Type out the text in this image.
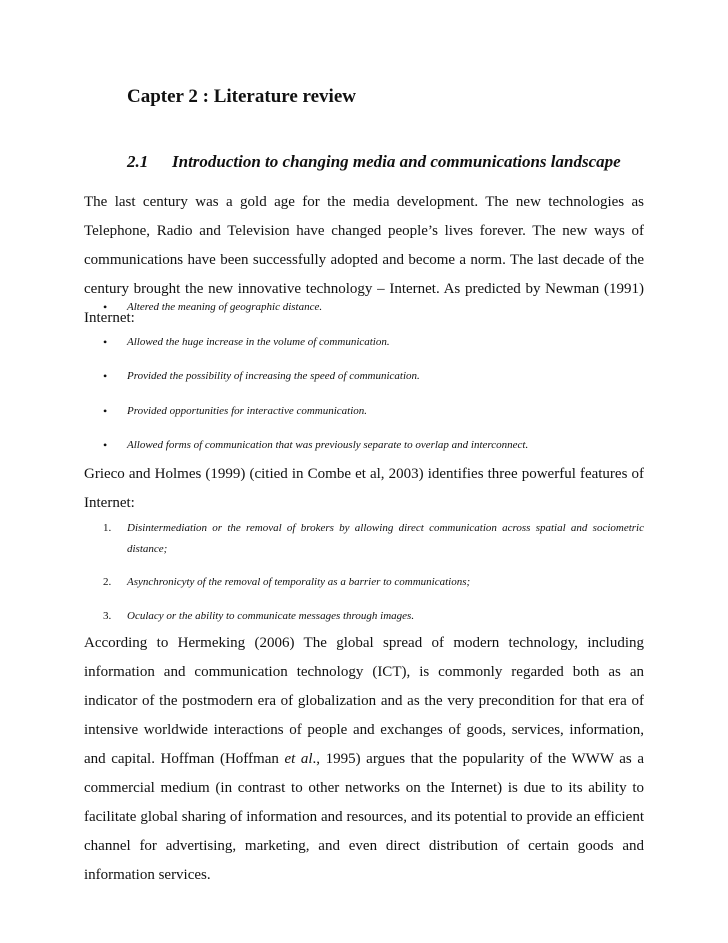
Capter 2 : Literature review
2.1 Introduction to changing media and communications landscape

The last century was a gold age for the media development. The new technologies as Telephone, Radio and Television have changed people’s lives forever. The new ways of communications have been successfully adopted and become a norm. The last decade of the century brought the new innovative technology – Internet. As predicted by Newman (1991) Internet:

• Altered the meaning of geographic distance.
• Allowed the huge increase in the volume of communication.
• Provided the possibility of increasing the speed of communication.
• Provided opportunities for interactive communication.
• Allowed forms of communication that was previously separate to overlap and interconnect.

Grieco and Holmes (1999) (citied in Combe et al, 2003) identifies three powerful features of Internet:

1. Disintermediation or the removal of brokers by allowing direct communication across spatial and sociometric distance;
2. Asynchronicyty of the removal of temporality as a barrier to communications;
3. Oculacy or the ability to communicate messages through images.

According to Hermeking (2006) The global spread of modern technology, including information and communication technology (ICT), is commonly regarded both as an indicator of the postmodern era of globalization and as the very precondition for that era of intensive worldwide interactions of people and exchanges of goods, services, information, and capital. Hoffman (Hoffman et al., 1995) argues that the popularity of the WWW as a commercial medium (in contrast to other networks on the Internet) is due to its ability to facilitate global sharing of information and resources, and its potential to provide an efficient channel for advertising, marketing, and even direct distribution of certain goods and information services.
